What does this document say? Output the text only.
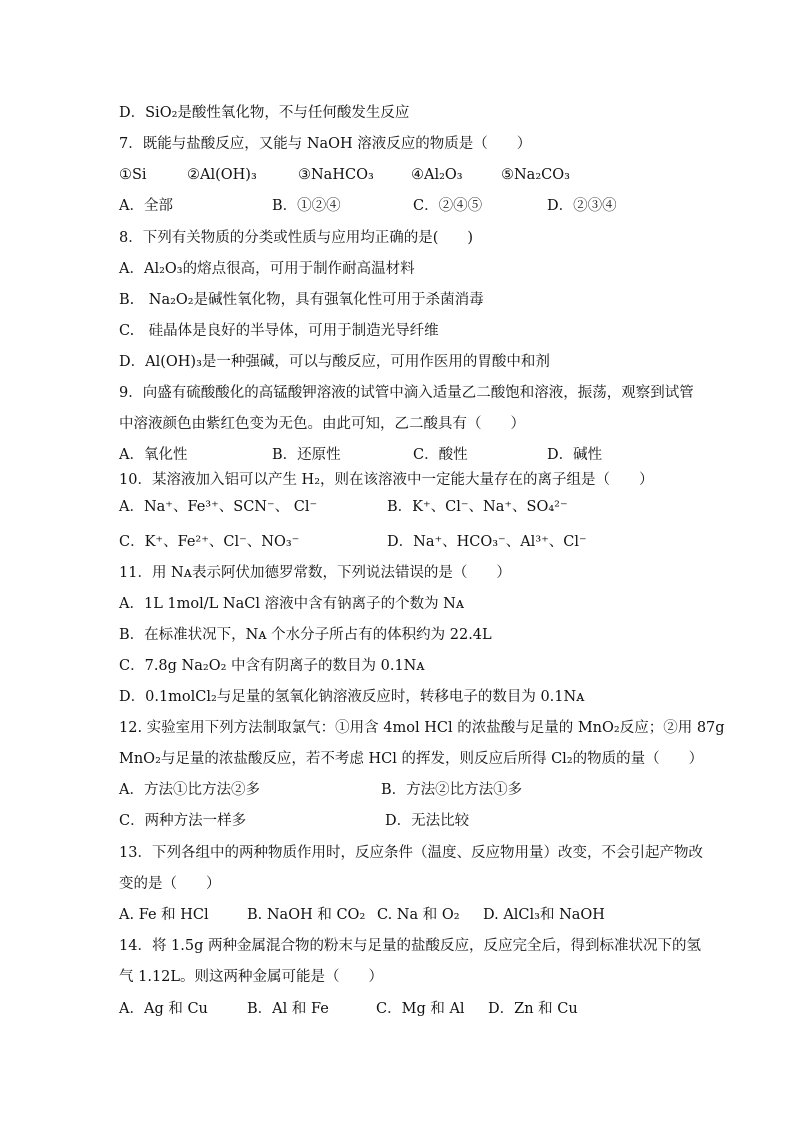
D．SiO₂是酸性氧化物，不与任何酸发生反应
7．既能与盐酸反应，又能与 NaOH 溶液反应的物质是（　　）
①Si	②Al(OH)₃	③NaHCO₃	④Al₂O₃	⑤Na₂CO₃
A．全部	B．①②④	C．②④⑤	D．②③④
8．下列有关物质的分类或性质与应用均正确的是(　　)
A．Al₂O₃的熔点很高，可用于制作耐高温材料
B.　Na₂O₂是碱性氧化物，具有强氧化性可用于杀菌消毒
C.　硅晶体是良好的半导体，可用于制造光导纤维
D．Al(OH)₃是一种强碱，可以与酸反应，可用作医用的胃酸中和剂
9．向盛有硫酸酸化的高锰酸钾溶液的试管中滴入适量乙二酸饱和溶液，振荡，观察到试管
中溶液颜色由紫红色变为无色。由此可知，乙二酸具有（　　）
A．氧化性	B．还原性	C．酸性	D．碱性
10．某溶液加入铝可以产生 H₂，则在该溶液中一定能大量存在的离子组是（　　）
A．Na⁺、Fe³⁺、SCN⁻、 Cl⁻	B．K⁺、Cl⁻、Na⁺、SO₄²⁻
C．K⁺、Fe²⁺、Cl⁻、NO₃⁻	D．Na⁺、HCO₃⁻、Al³⁺、Cl⁻
11．用 Nᴀ表示阿伏加德罗常数，下列说法错误的是（　　）
A．1L 1mol/L NaCl 溶液中含有钠离子的个数为 Nᴀ
B．在标准状况下，Nᴀ 个水分子所占有的体积约为 22.4L
C．7.8g Na₂O₂ 中含有阴离子的数目为 0.1Nᴀ
D．0.1molCl₂与足量的氢氧化钠溶液反应时，转移电子的数目为 0.1Nᴀ
12. 实验室用下列方法制取氯气：①用含 4mol HCl 的浓盐酸与足量的 MnO₂反应；②用 87g
MnO₂与足量的浓盐酸反应，若不考虑 HCl 的挥发，则反应后所得 Cl₂的物质的量（　　）
A．方法①比方法②多	B．方法②比方法①多
C．两种方法一样多	D．无法比较
13．下列各组中的两种物质作用时，反应条件（温度、反应物用量）改变，不会引起产物改
变的是（　　）
A. Fe 和 HCl	B. NaOH 和 CO₂ C. Na 和 O₂ D. AlCl₃和 NaOH
14．将 1.5g 两种金属混合物的粉末与足量的盐酸反应，反应完全后，得到标准状况下的氢
气 1.12L。则这两种金属可能是（　　）
A．Ag 和 Cu	B．Al 和 Fe	C．Mg 和 Al D．Zn 和 Cu
